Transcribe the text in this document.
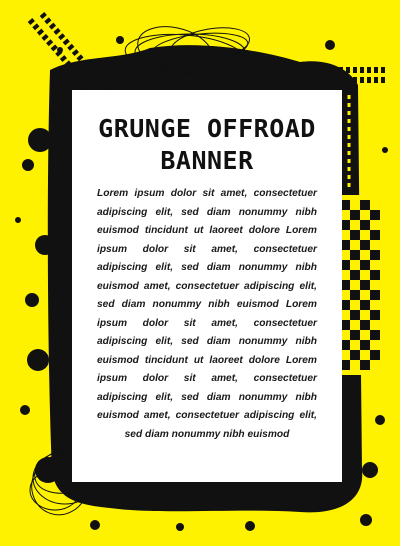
GRUNGE OFFROAD
BANNER
Lorem ipsum dolor sit amet, consectetuer adipiscing elit, sed diam nonummy nibh euismod tincidunt ut laoreet dolore Lorem ipsum dolor sit amet, consectetuer adipiscing elit, sed diam nonummy nibh euismod amet, consectetuer adipiscing elit, sed diam nonummy nibh euismod Lorem ipsum dolor sit amet, consectetuer adipiscing elit, sed diam nonummy nibh euismod tincidunt ut laoreet dolore Lorem ipsum dolor sit amet, consectetuer adipiscing elit, sed diam nonummy nibh euismod amet, consectetuer adipiscing elit, sed diam nonummy nibh euismod
